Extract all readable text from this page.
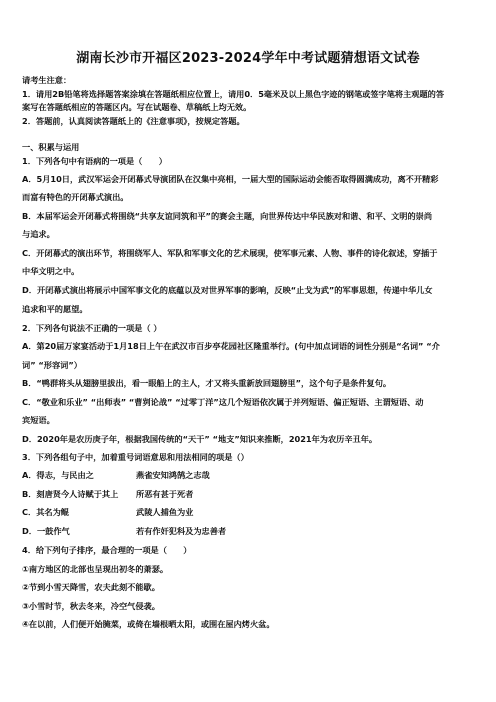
湖南长沙市开福区2023-2024学年中考试题猜想语文试卷
请考生注意：
1．请用2B铅笔将选择题答案涂填在答题纸相应位置上，请用0．5毫米及以上黑色字迹的钢笔或签字笔将主观题的答
案写在答题纸相应的答题区内。写在试题卷、草稿纸上均无效。
2．答题前，认真阅读答题纸上的《注意事项》，按规定答题。
一、积累与运用
1．下列各句中有语病的一项是（　　）
A．5月10日，武汉军运会开闭幕式导演团队在汉集中亮相，一届大型的国际运动会能否取得圆满成功，离不开精彩
而富有特色的开闭幕式演出。
B．本届军运会开闭幕式将围绕“共享友谊同筑和平”的赛会主题，向世界传达中华民族对和谐、和平、文明的崇尚
与追求。
C．开闭幕式的演出环节，将围绕军人、军队和军事文化的艺术展现，使军事元素、人物、事件的诗化叙述，穿插于
中华文明之中。
D．开闭幕式演出将展示中国军事文化的底蕴以及对世界军事的影响，反映“止戈为武”的军事思想，传递中华儿女
追求和平的愿望。
2．下列各句说法不正确的一项是（ ）
A．第20届万家宴活动于1月18日上午在武汉市百步亭花园社区隆重举行。(句中加点词语的词性分别是“名词” “介
词” “形容词”）
B．“鸭群将头从翅膀里拔出，看一眼船上的主人，才又将头重新放回翅膀里”，这个句子是条件复句。
C．“敬业和乐业” “出师表” “曹刿论战” “过零丁洋”这几个短语依次属于并列短语、偏正短语、主谓短语、动
宾短语。
D．2020年是农历庚子年，根据我国传统的“天干” “地支”知识来推断，2021年为农历辛丑年。
3．下列各组句子中，加着重号词语意思和用法相同的项是（）
A．得志，与民由之	燕雀安知鸿鹄之志哉
B．刻唐贤今人诗赋于其上 所恶有甚于死者
C．其名为鲲	武陵人捕鱼为业
D．一鼓作气	若有作奸犯科及为忠善者
4．给下列句子排序，最合理的一项是（　　）
①南方地区的北部也呈现出初冬的萧瑟。
②节到小雪天降雪，农夫此刻不能歇。
③小雪时节，秋去冬来，冷空气侵袭。
④在以前，人们便开始腌菜，或倚在墙根晒太阳，或围在屋内烤火盆。
